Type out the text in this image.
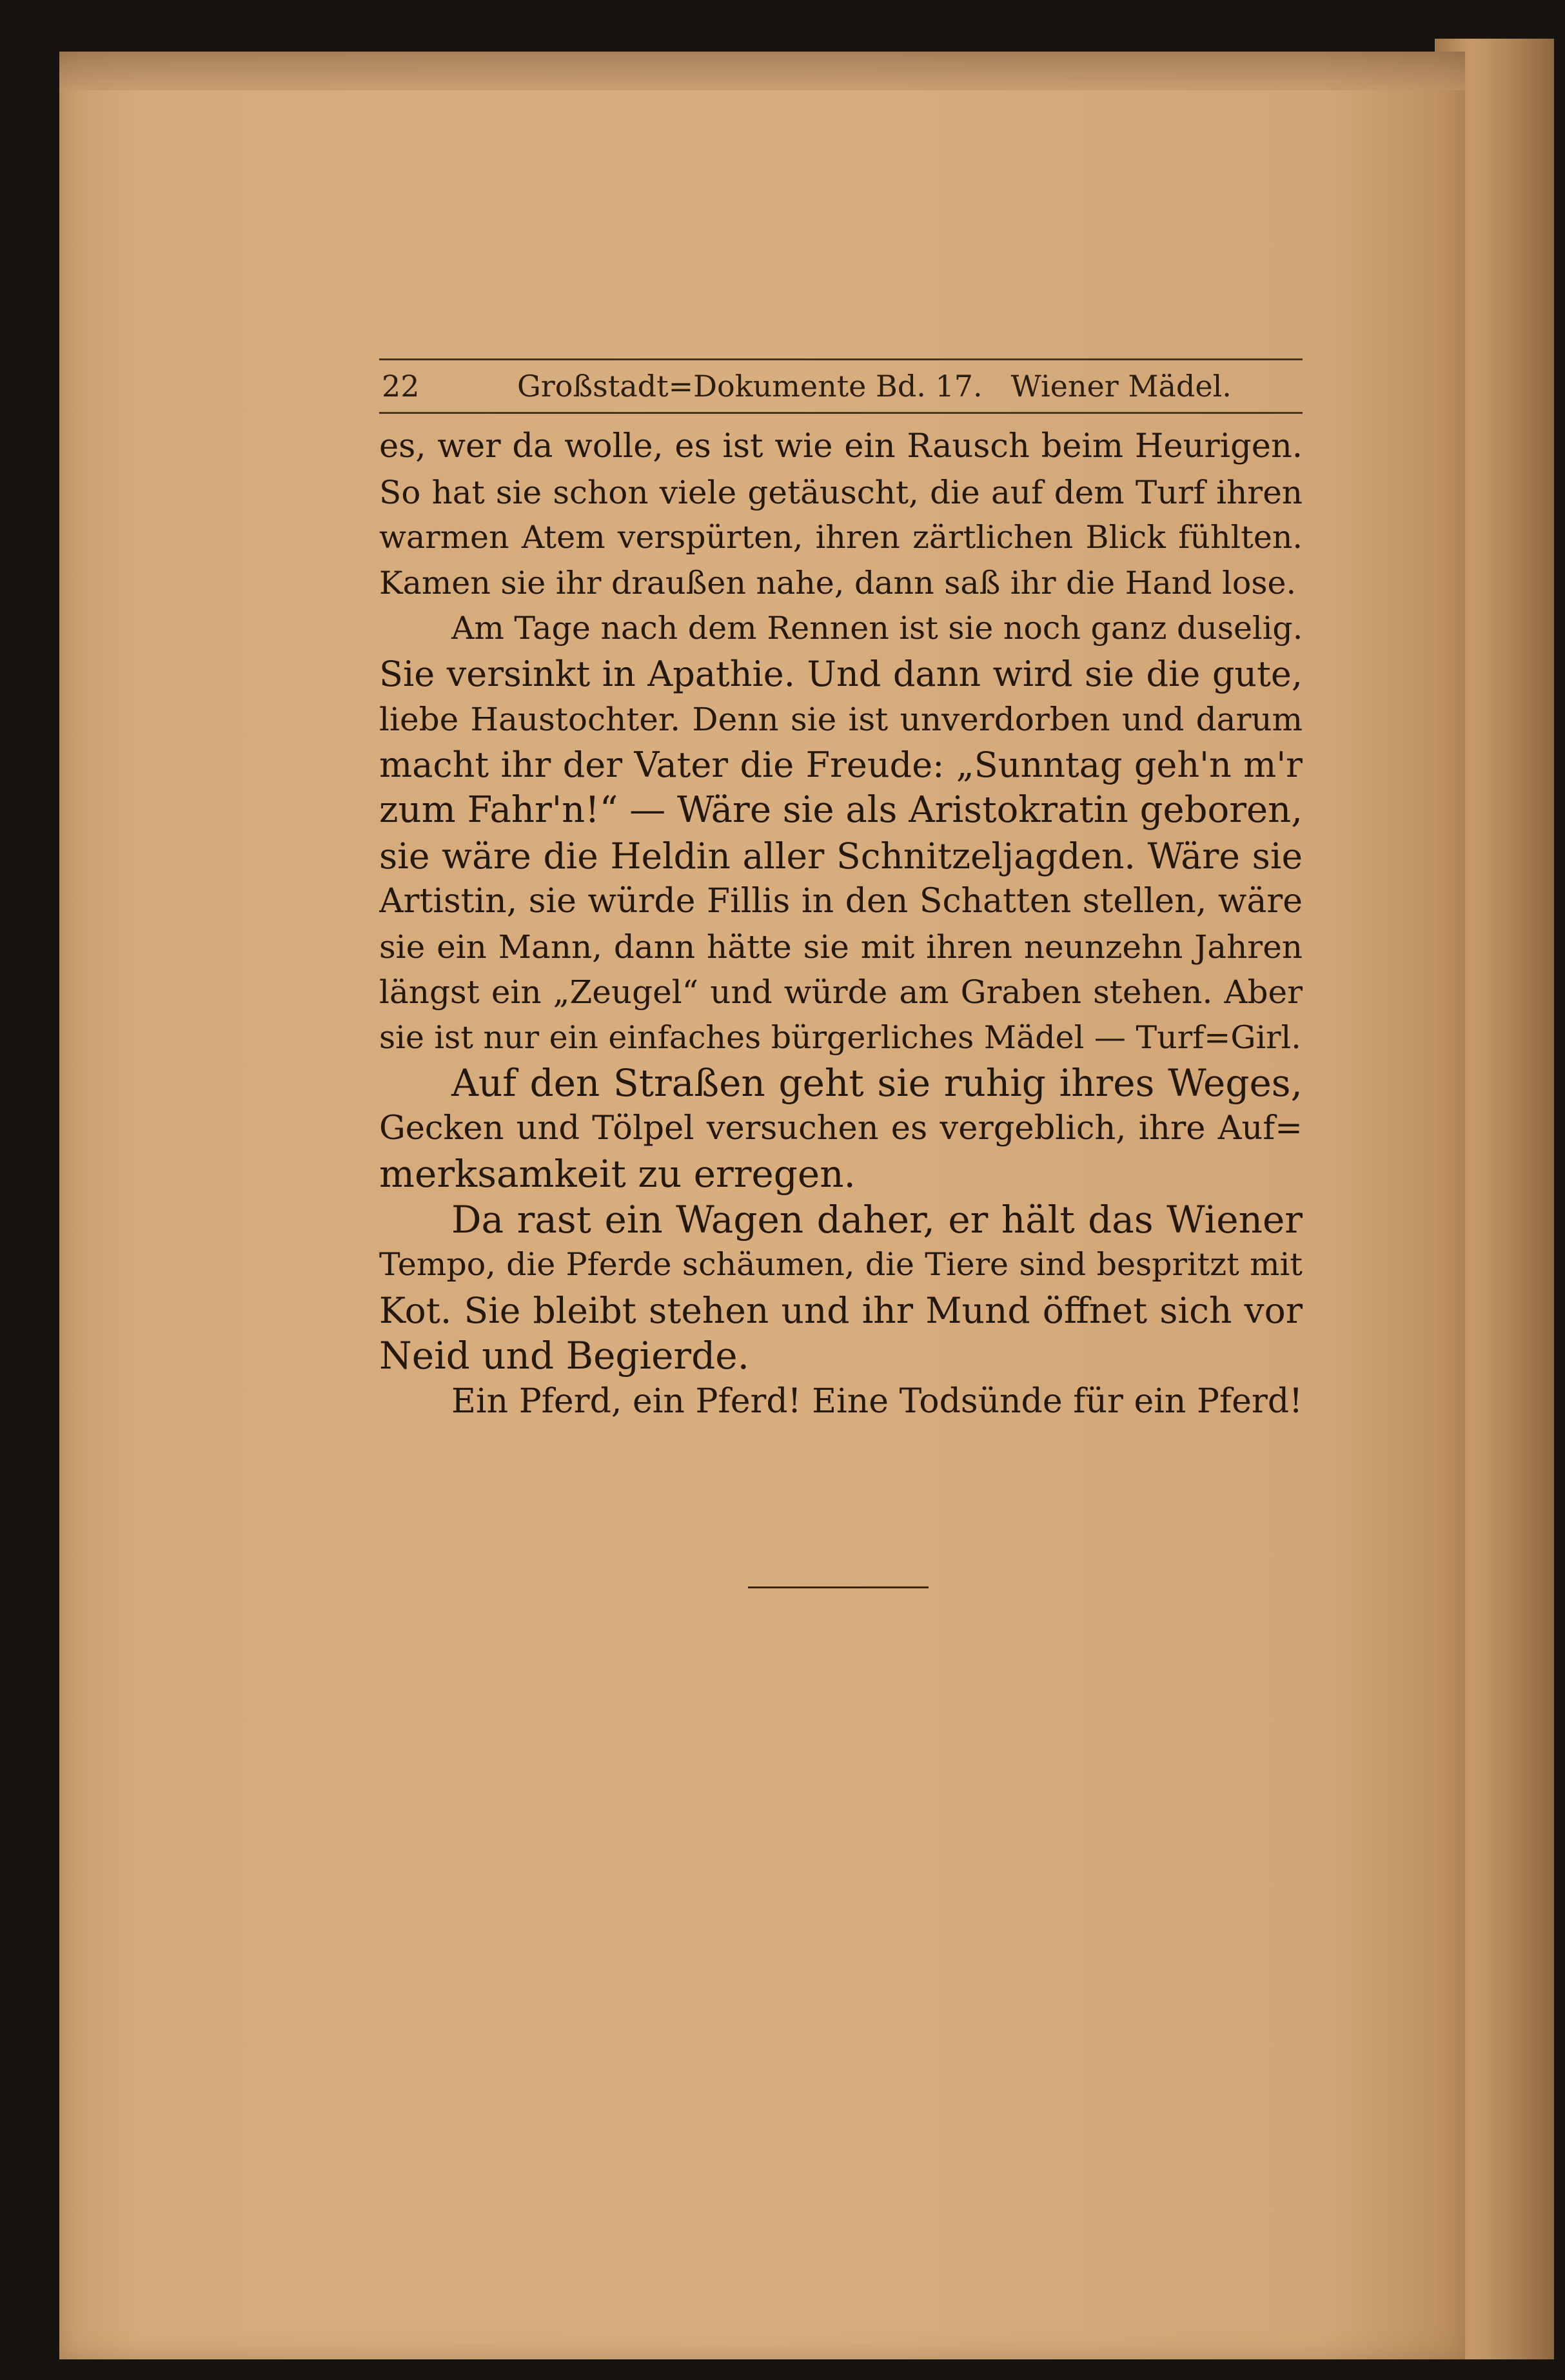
22	Großstadt=Dokumente Bd. 17.   Wiener Mädel.
es, wer da wolle, es ist wie ein Rausch beim Heurigen.
So hat sie schon viele getäuscht, die auf dem Turf ihren
warmen Atem verspürten, ihren zärtlichen Blick fühlten.
Kamen sie ihr draußen nahe, dann saß ihr die Hand lose.
Am Tage nach dem Rennen ist sie noch ganz duselig.
Sie versinkt in Apathie. Und dann wird sie die gute,
liebe Haustochter. Denn sie ist unverdorben und darum
macht ihr der Vater die Freude: „Sunntag geh'n m'r
zum Fahr'n!“ — Wäre sie als Aristokratin geboren,
sie wäre die Heldin aller Schnitzeljagden. Wäre sie
Artistin, sie würde Fillis in den Schatten stellen, wäre
sie ein Mann, dann hätte sie mit ihren neunzehn Jahren
längst ein „Zeugel“ und würde am Graben stehen. Aber
sie ist nur ein einfaches bürgerliches Mädel — Turf=Girl.
Auf den Straßen geht sie ruhig ihres Weges,
Gecken und Tölpel versuchen es vergeblich, ihre Auf=
merksamkeit zu erregen.
Da rast ein Wagen daher, er hält das Wiener
Tempo, die Pferde schäumen, die Tiere sind bespritzt mit
Kot. Sie bleibt stehen und ihr Mund öffnet sich vor
Neid und Begierde.
Ein Pferd, ein Pferd! Eine Todsünde für ein Pferd!
